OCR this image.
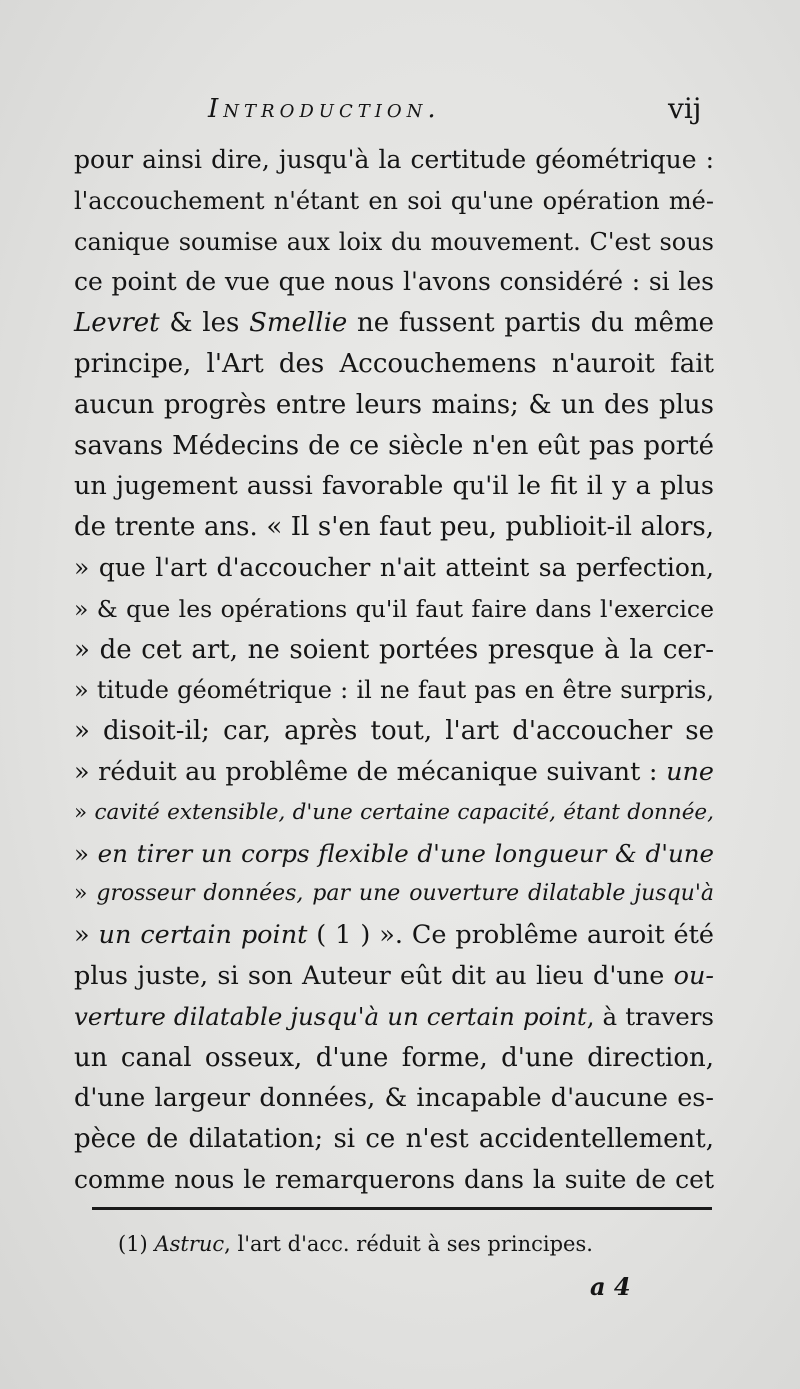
Introduction.	vij
pour ainsi dire, jusqu'à la certitude géométrique :
l'accouchement n'étant en soi qu'une opération mé-
canique soumise aux loix du mouvement. C'est sous
ce point de vue que nous l'avons considéré : si les
Levret & les Smellie ne fussent partis du même
principe, l'Art des Accouchemens n'auroit fait
aucun progrès entre leurs mains; & un des plus
savans Médecins de ce siècle n'en eût pas porté
un jugement aussi favorable qu'il le fit il y a plus
de trente ans. « Il s'en faut peu, publioit-il alors,
» que l'art d'accoucher n'ait atteint sa perfection,
» & que les opérations qu'il faut faire dans l'exercice
» de cet art, ne soient portées presque à la cer-
» titude géométrique : il ne faut pas en être surpris,
» disoit-il; car, après tout, l'art d'accoucher se
» réduit au problême de mécanique suivant : une
» cavité extensible, d'une certaine capacité, étant donnée,
» en tirer un corps flexible d'une longueur & d'une
» grosseur données, par une ouverture dilatable jusqu'à
» un certain point ( 1 ) ». Ce problême auroit été
plus juste, si son Auteur eût dit au lieu d'une ou-
verture dilatable jusqu'à un certain point, à travers
un canal osseux, d'une forme, d'une direction,
d'une largeur données, & incapable d'aucune es-
pèce de dilatation; si ce n'est accidentellement,
comme nous le remarquerons dans la suite de cet
(1) Astruc, l'art d'acc. réduit à ses principes.
a 4
